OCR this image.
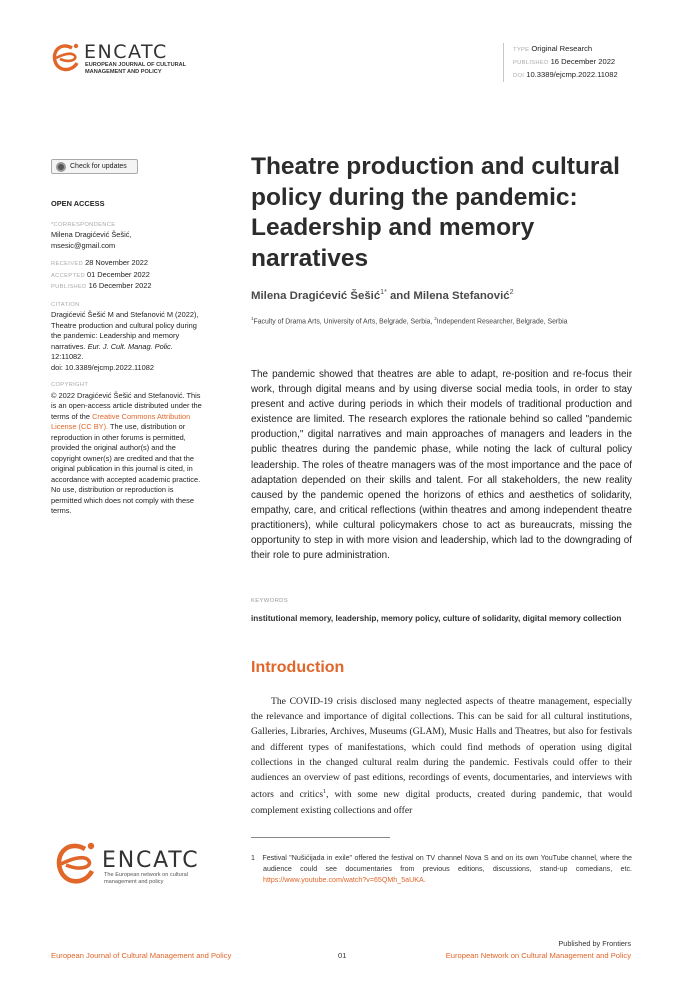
ENCATC
EUROPEAN JOURNAL OF CULTURAL MANAGEMENT AND POLICY
TYPE Original Research
PUBLISHED 16 December 2022
DOI 10.3389/ejcmp.2022.11082
Check for updates
OPEN ACCESS
*CORRESPONDENCE
Milena Dragićević Šešić,
msesic@gmail.com
RECEIVED 28 November 2022
ACCEPTED 01 December 2022
PUBLISHED 16 December 2022
CITATION
Dragićević Šešić M and Stefanović M (2022), Theatre production and cultural policy during the pandemic: Leadership and memory narratives. Eur. J. Cult. Manag. Polic. 12:11082.
doi: 10.3389/ejcmp.2022.11082
COPYRIGHT
© 2022 Dragićević Šešić and Stefanović. This is an open-access article distributed under the terms of the Creative Commons Attribution License (CC BY). The use, distribution or reproduction in other forums is permitted, provided the original author(s) and the copyright owner(s) are credited and that the original publication in this journal is cited, in accordance with accepted academic practice. No use, distribution or reproduction is permitted which does not comply with these terms.
Theatre production and cultural policy during the pandemic: Leadership and memory narratives
Milena Dragićević Šešić$^{1*}$ and Milena Stefanović$^2$
$^1$Faculty of Drama Arts, University of Arts, Belgrade, Serbia, $^2$Independent Researcher, Belgrade, Serbia

The pandemic showed that theatres are able to adapt, re-position and re-focus their work, through digital means and by using diverse social media tools, in order to stay present and active during periods in which their models of traditional production and existence are limited. The research explores the rationale behind so called "pandemic production," digital narratives and main approaches of managers and leaders in the public theatres during the pandemic phase, while noting the lack of cultural policy leadership. The roles of theatre managers was of the most importance and the pace of adaptation depended on their skills and talent. For all stakeholders, the new reality caused by the pandemic opened the horizons of ethics and aesthetics of solidarity, empathy, care, and critical reflections (within theatres and among independent theatre practitioners), while cultural policymakers chose to act as bureaucrats, missing the opportunity to step in with more vision and leadership, which lad to the downgrading of their role to pure administration.

KEYWORDS
institutional memory, leadership, memory policy, culture of solidarity, digital memory collection
Introduction

The COVID-19 crisis disclosed many neglected aspects of theatre management, especially the relevance and importance of digital collections. This can be said for all cultural institutions, Galleries, Libraries, Archives, Museums (GLAM), Music Halls and Theatres, but also for festivals and different types of manifestations, which could find methods of operation using digital collections in the changed cultural realm during the pandemic. Festivals could offer to their audiences an overview of past editions, recordings of events, documentaries, and interviews with actors and critics$^1$, with some new digital products, created during pandemic, that would complement existing collections and offer

1 Festival "Nušićijada in exile" offered the festival on TV channel Nova S and on its own YouTube channel, where the audience could see documentaries from previous editions, discussions, stand-up comedians, etc. https://www.youtube.com/watch?v=65QMh_5aUKA.

ENCATC
The European network on cultural management and policy
Published by Frontiers
European Journal of Cultural Management and Policy	01	European Network on Cultural Management and Policy
